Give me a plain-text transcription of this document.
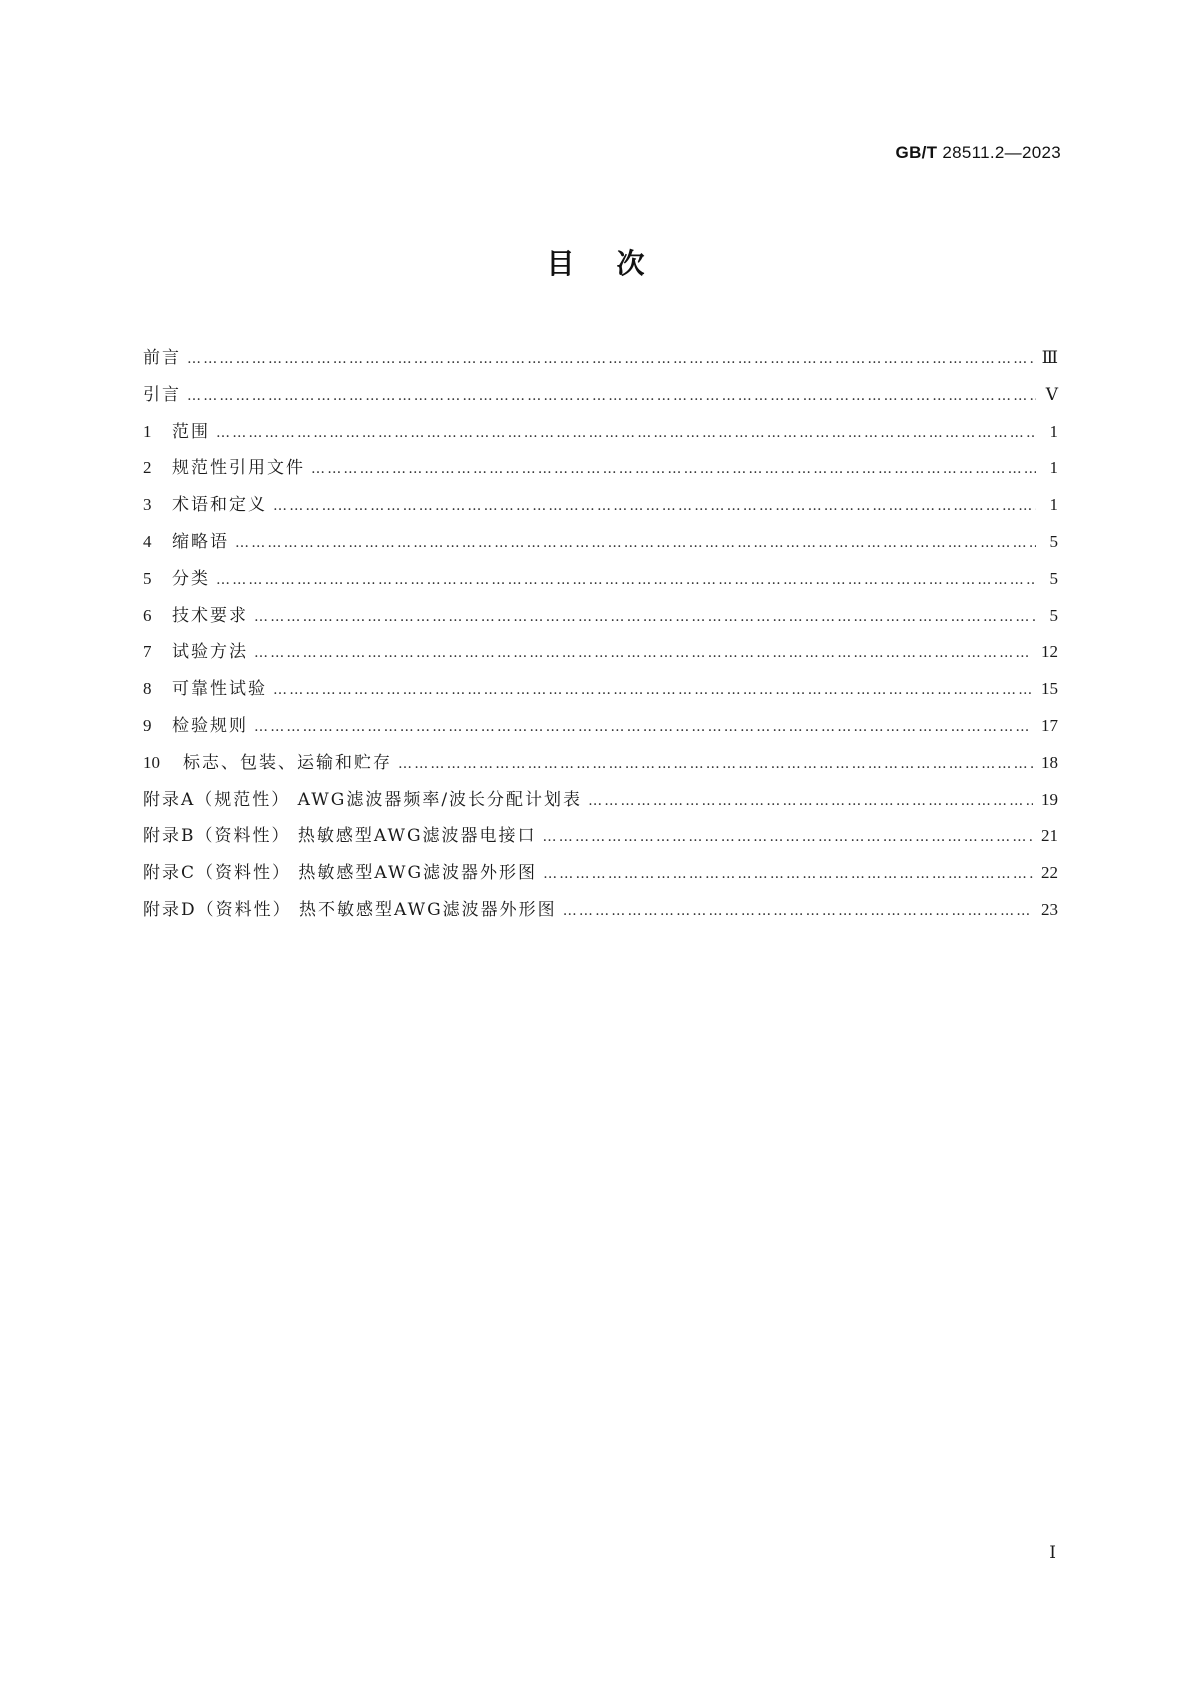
GB/T 28511.2—2023
目次
前言 …………………………………………………………………………………………………………………………………………………………………………………………………………	Ⅲ
引言 …………………………………………………………………………………………………………………………………………………………………………………………………………	Ⅴ
1	范围 …………………………………………………………………………………………………………………………………………………………………………………………………………	1
2	规范性引用文件 …………………………………………………………………………………………………………………………………………………………………………………………………………	1
3	术语和定义 …………………………………………………………………………………………………………………………………………………………………………………………………………	1
4	缩略语 …………………………………………………………………………………………………………………………………………………………………………………………………………	5
5	分类 …………………………………………………………………………………………………………………………………………………………………………………………………………	5
6	技术要求 …………………………………………………………………………………………………………………………………………………………………………………………………………	5
7	试验方法 …………………………………………………………………………………………………………………………………………………………………………………………………………	12
8	可靠性试验 …………………………………………………………………………………………………………………………………………………………………………………………………………	15
9	检验规则 …………………………………………………………………………………………………………………………………………………………………………………………………………	17
10	标志、包装、运输和贮存 …………………………………………………………………………………………………………………………………………………………………………………………………………	18
附录A（规范性） AWG滤波器频率/波长分配计划表 …………………………………………………………………………………………………………………………………………………………………………………………………………	19
附录B（资料性） 热敏感型AWG滤波器电接口 …………………………………………………………………………………………………………………………………………………………………………………………………………	21
附录C（资料性） 热敏感型AWG滤波器外形图 …………………………………………………………………………………………………………………………………………………………………………………………………………	22
附录D（资料性） 热不敏感型AWG滤波器外形图 …………………………………………………………………………………………………………………………………………………………………………………………………………	23
Ⅰ
